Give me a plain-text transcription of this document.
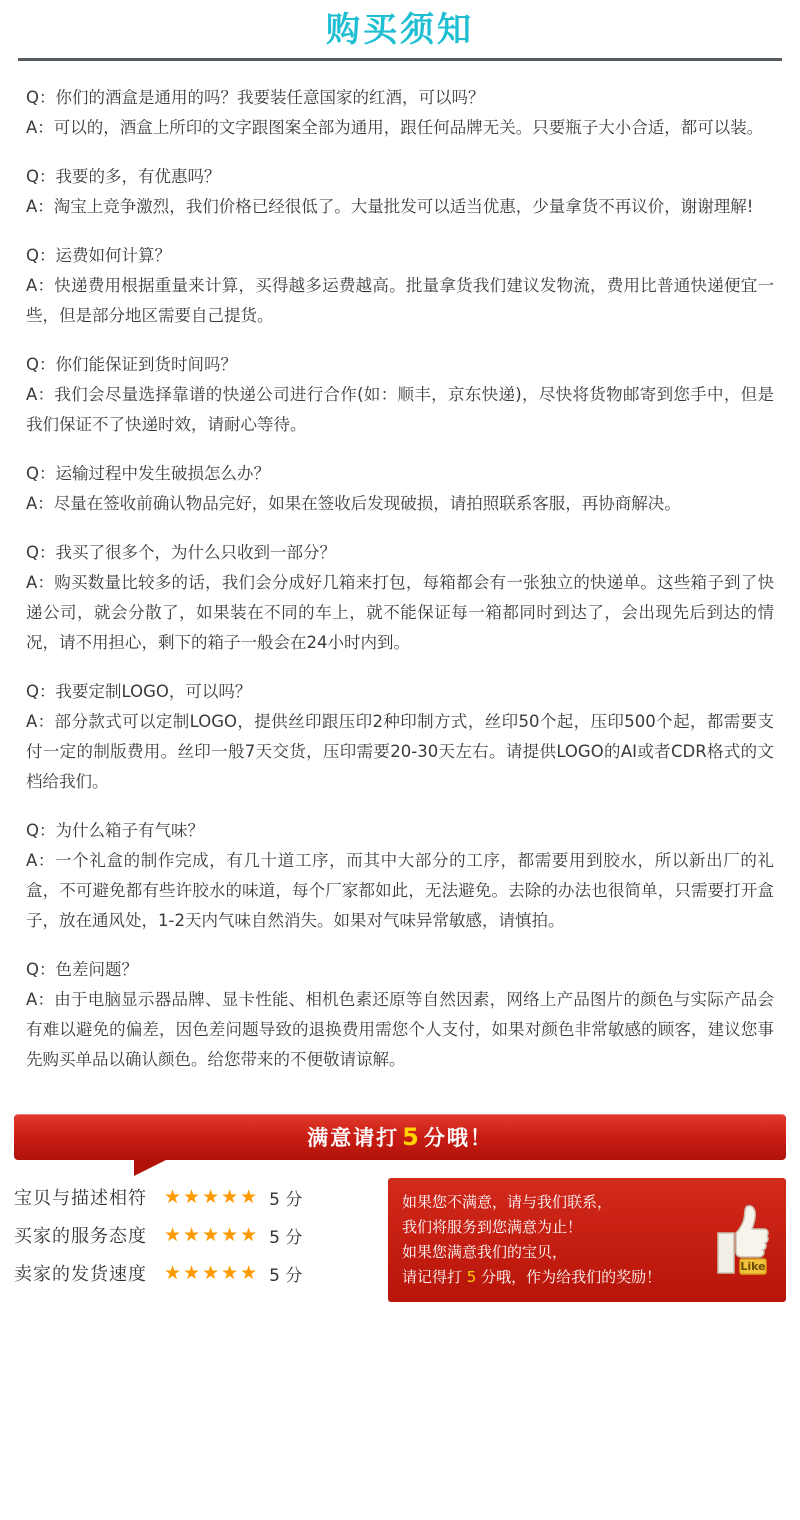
购买须知

Q：你们的酒盒是通用的吗？我要装任意国家的红酒，可以吗？

A：可以的，酒盒上所印的文字跟图案全部为通用，跟任何品牌无关。只要瓶子大小合适，都可以装。

Q：我要的多，有优惠吗？

A：淘宝上竞争激烈，我们价格已经很低了。大量批发可以适当优惠，少量拿货不再议价，谢谢理解!

Q：运费如何计算？

A：快递费用根据重量来计算，买得越多运费越高。批量拿货我们建议发物流，费用比普通快递便宜一些，但是部分地区需要自己提货。

Q：你们能保证到货时间吗？

A：我们会尽量选择靠谱的快递公司进行合作(如：顺丰，京东快递)，尽快将货物邮寄到您手中，但是我们保证不了快递时效，请耐心等待。

Q：运输过程中发生破损怎么办？

A：尽量在签收前确认物品完好，如果在签收后发现破损，请拍照联系客服，再协商解决。

Q：我买了很多个，为什么只收到一部分？

A：购买数量比较多的话，我们会分成好几箱来打包，每箱都会有一张独立的快递单。这些箱子到了快递公司，就会分散了，如果装在不同的车上，就不能保证每一箱都同时到达了，会出现先后到达的情况，请不用担心，剩下的箱子一般会在24小时内到。

Q：我要定制LOGO，可以吗？

A：部分款式可以定制LOGO，提供丝印跟压印2种印制方式，丝印50个起，压印500个起，都需要支付一定的制版费用。丝印一般7天交货，压印需要20-30天左右。请提供LOGO的AI或者CDR格式的文档给我们。

Q：为什么箱子有气味？

A：一个礼盒的制作完成，有几十道工序，而其中大部分的工序，都需要用到胶水，所以新出厂的礼盒，不可避免都有些许胶水的味道，每个厂家都如此，无法避免。去除的办法也很简单，只需要打开盒子，放在通风处，1-2天内气味自然消失。如果对气味异常敏感，请慎拍。

Q：色差问题？

A：由于电脑显示器品牌、显卡性能、相机色素还原等自然因素，网络上产品图片的颜色与实际产品会有难以避免的偏差，因色差问题导致的退换费用需您个人支付，如果对颜色非常敏感的顾客，建议您事先购买单品以确认颜色。给您带来的不便敬请谅解。

满意请打 5 分哦！
宝贝与描述相符 ★★★★★ 5 分
买家的服务态度 ★★★★★ 5 分
卖家的发货速度 ★★★★★ 5 分
如果您不满意，请与我们联系，
我们将服务到您满意为止！
如果您满意我们的宝贝，
请记得打 5 分哦，作为给我们的奖励！
Like
